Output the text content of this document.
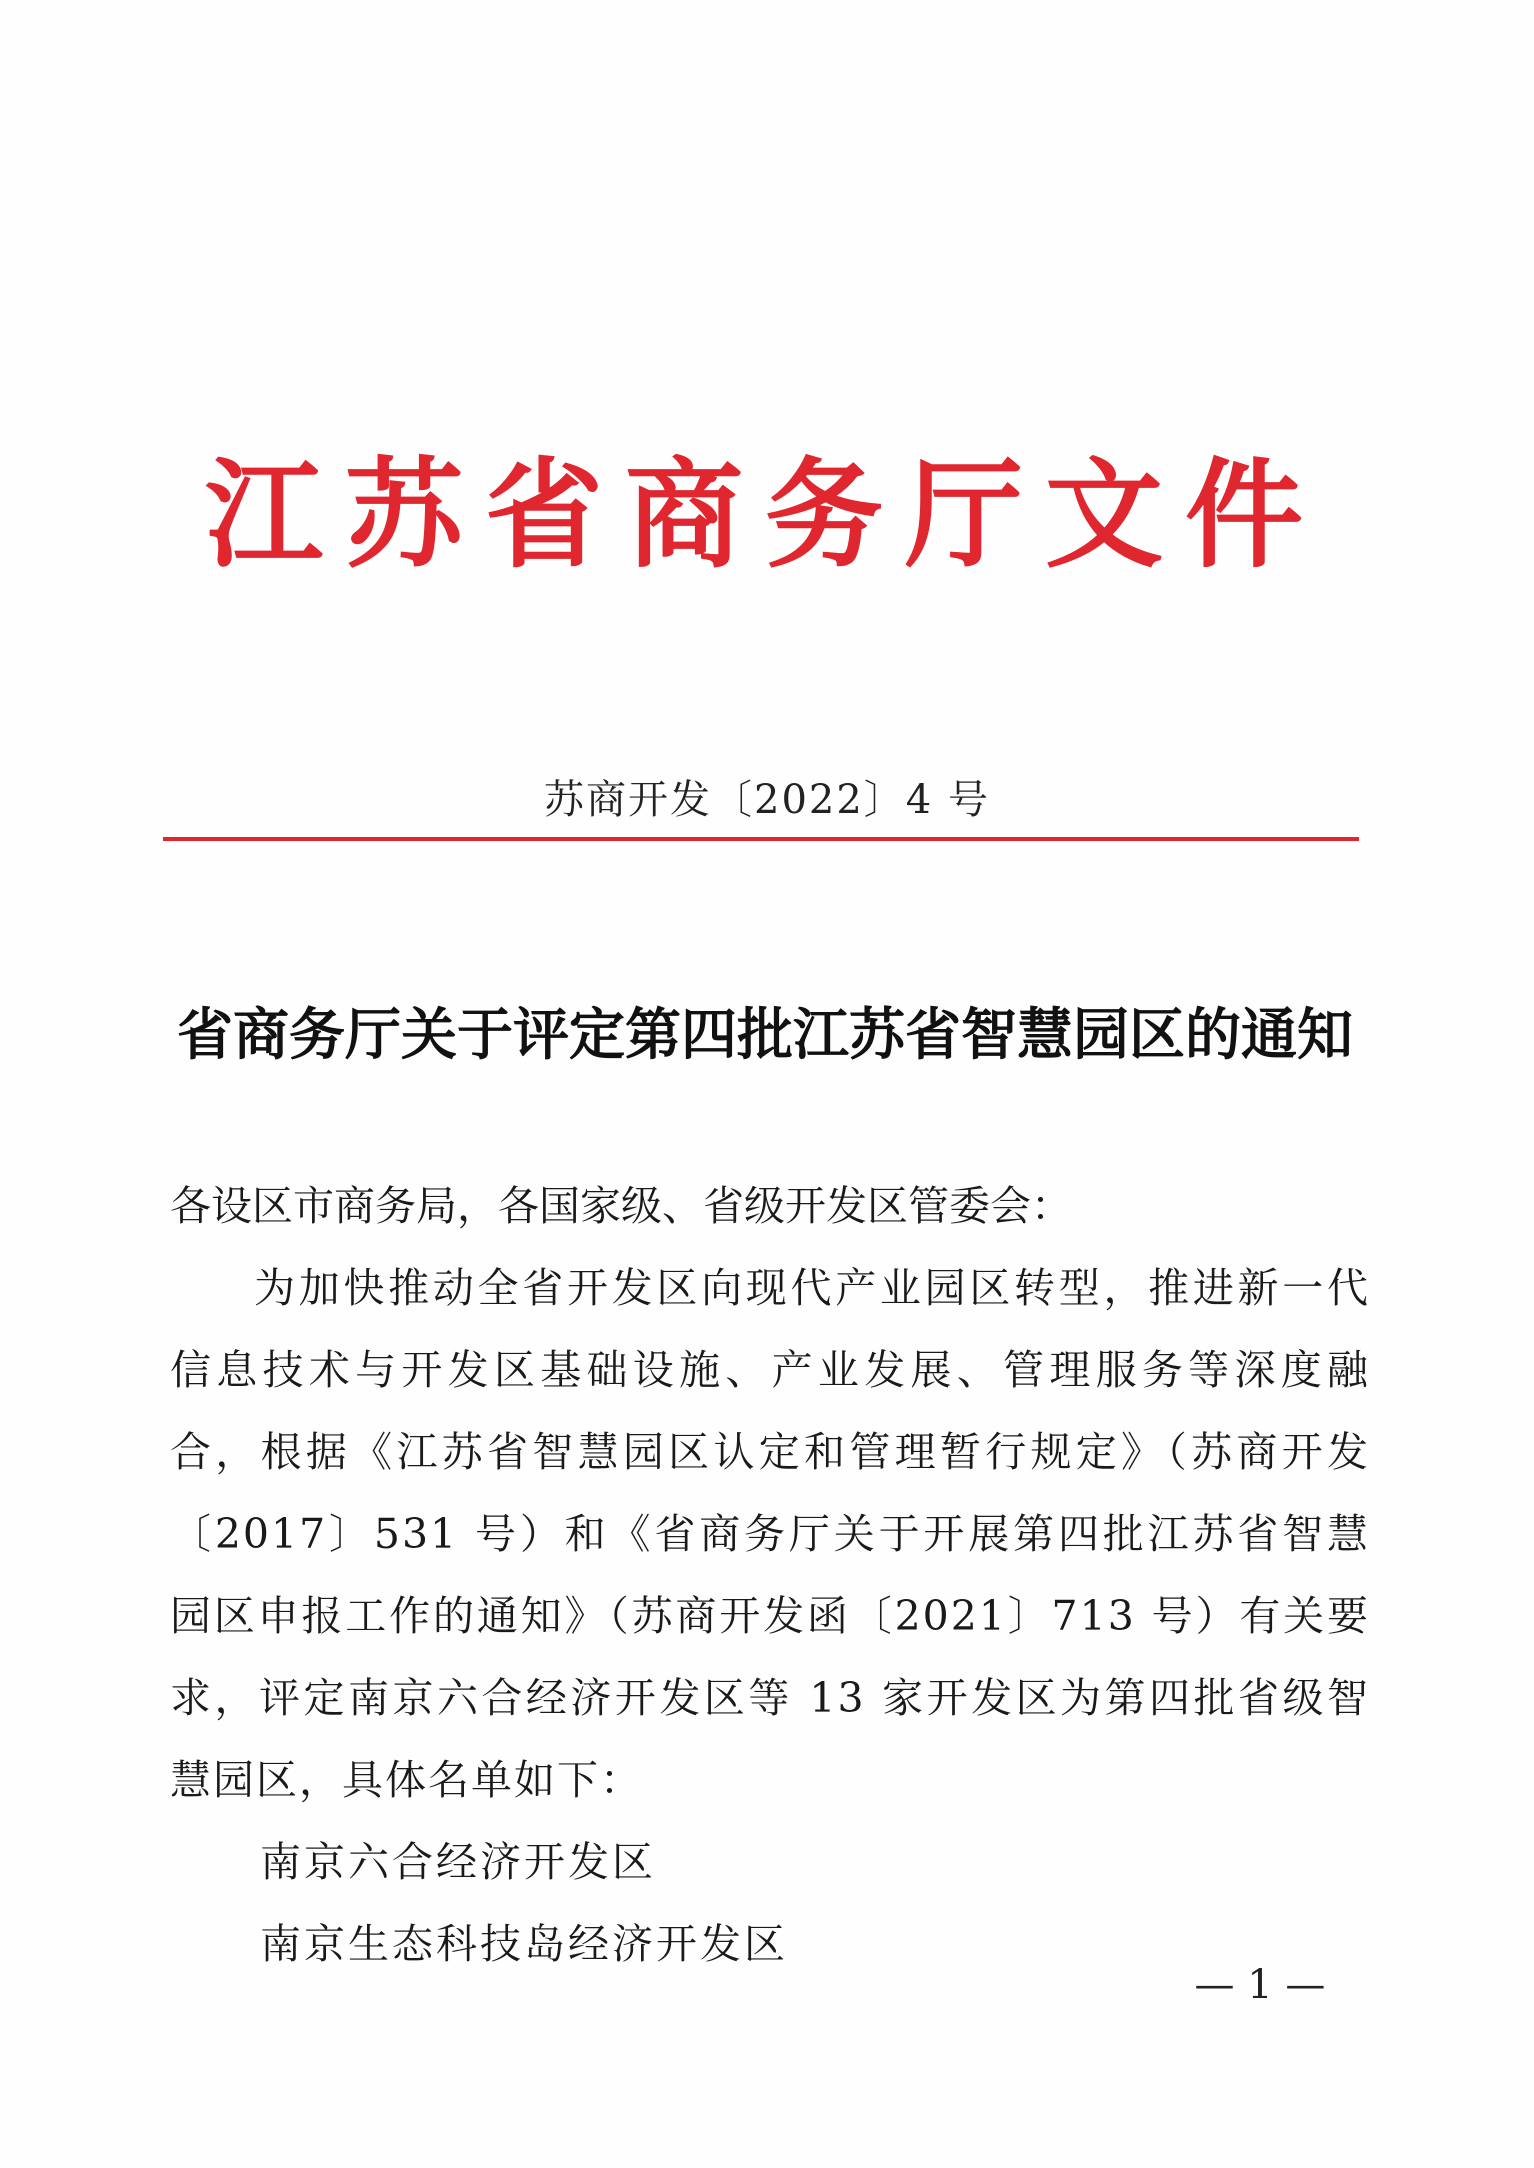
江苏省商务厅文件
苏商开发〔2022〕4 号
省商务厅关于评定第四批江苏省智慧园区的通知

各设区市商务局，各国家级、省级开发区管委会：

为加快推动全省开发区向现代产业园区转型，推进新一代信息技术与开发区基础设施、产业发展、管理服务等深度融合，根据《江苏省智慧园区认定和管理暂行规定》（苏商开发〔2017〕531 号）和《省商务厅关于开展第四批江苏省智慧园区申报工作的通知》（苏商开发函〔2021〕713 号）有关要求，评定南京六合经济开发区等 13 家开发区为第四批省级智慧园区，具体名单如下：

南京六合经济开发区

南京生态科技岛经济开发区

— 1 —
